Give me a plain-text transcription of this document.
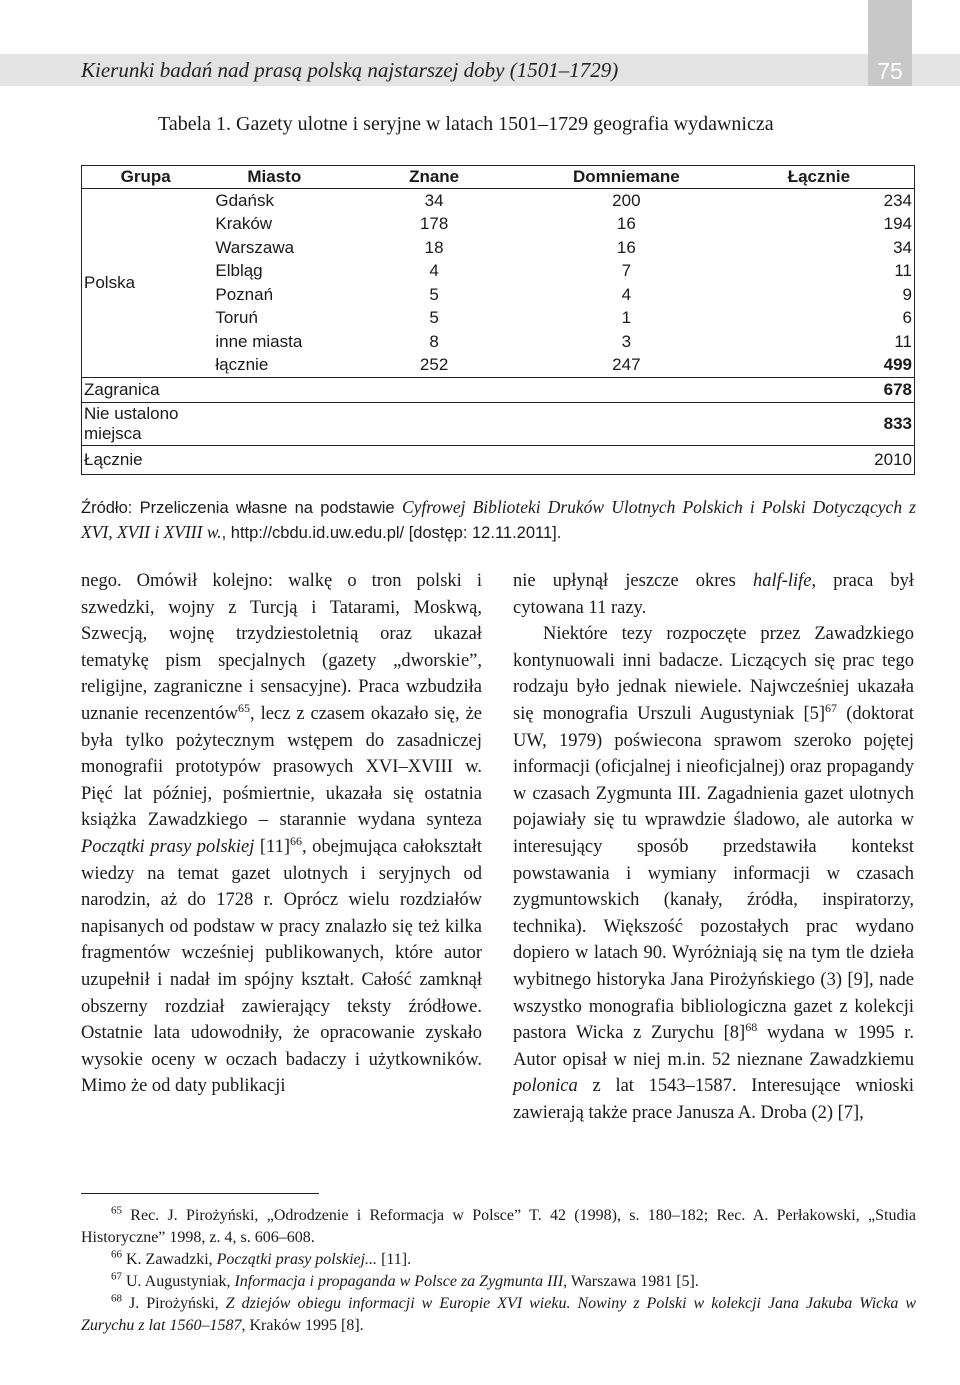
Kierunki badań nad prasą polską najstarszej doby (1501–1729)	75
Tabela 1. Gazety ulotne i seryjne w latach 1501–1729 geografia wydawnicza
Grupa	Miasto	Znane	Domniemane	Łącznie
Polska	Gdańsk	34	200	234
	Kraków	178	16	194
	Warszawa	18	16	34
	Elbląg	4	7	11
	Poznań	5	4	9
	Toruń	5	1	6
	inne miasta	8	3	11
	łącznie	252	247	499
Zagranica				678
Nie ustalono
miejsca				833
Łącznie				2010
Źródło: Przeliczenia własne na podstawie Cyfrowej Biblioteki Druków Ulotnych Polskich i Polski Dotyczących z XVI, XVII i XVIII w., http://cbdu.id.uw.edu.pl/ [dostęp: 12.11.2011].

nego. Omówił kolejno: walkę o tron polski i szwedzki, wojny z Turcją i Tatarami, Moskwą, Szwecją, wojnę trzydziestoletnią oraz ukazał tematykę pism specjalnych (gazety „dworskie”, religijne, zagraniczne i sensacyjne). Praca wzbudziła uznanie recenzentów$^{65}$, lecz z czasem okazało się, że była tylko pożytecznym wstępem do zasadniczej monografii prototypów prasowych XVI–XVIII w. Pięć lat później, pośmiertnie, ukazała się ostatnia książka Zawadzkiego – starannie wydana synteza Początki prasy polskiej $[11]^{66}$, obejmująca całokształt wiedzy na temat gazet ulotnych i seryjnych od narodzin, aż do 1728 r. Oprócz wielu rozdziałów napisanych od podstaw w pracy znalazło się też kilka fragmentów wcześniej publikowanych, które autor uzupełnił i nadał im spójny kształt. Całość zamknął obszerny rozdział zawierający teksty źródłowe. Ostatnie lata udowodniły, że opracowanie zyskało wysokie oceny w oczach badaczy i użytkowników. Mimo że od daty publikacji

nie upłynął jeszcze okres half-life, praca był cytowana 11 razy.

Niektóre tezy rozpoczęte przez Zawadzkiego kontynuowali inni badacze. Liczących się prac tego rodzaju było jednak niewiele. Najwcześniej ukazała się monografia Urszuli Augustyniak $[5]^{67}$ (doktorat UW, 1979) poświecona sprawom szeroko pojętej informacji (oficjalnej i nieoficjalnej) oraz propagandy w czasach Zygmunta III. Zagadnienia gazet ulotnych pojawiały się tu wprawdzie śladowo, ale autorka w interesujący sposób przedstawiła kontekst powstawania i wymiany informacji w czasach zygmuntowskich (kanały, źródła, inspiratorzy, technika). Większość pozostałych prac wydano dopiero w latach 90. Wyróżniają się na tym tle dzieła wybitnego historyka Jana Pirożyńskiego (3) [9], nade wszystko monografia bibliologiczna gazet z kolekcji pastora Wicka z Zurychu $[8]^{68}$ wydana w 1995 r. Autor opisał w niej m.in. 52 nieznane Zawadzkiemu polonica z lat 1543–1587. Interesujące wnioski zawierają także prace Janusza A. Droba (2) [7],

$^{65}$ Rec. J. Pirożyński, „Odrodzenie i Reformacja w Polsce” T. 42 (1998), s. 180–182; Rec. A. Perłakowski, „Studia Historyczne” 1998, z. 4, s. 606–608.

$^{66}$ K. Zawadzki, Początki prasy polskiej... [11].

$^{67}$ U. Augustyniak, Informacja i propaganda w Polsce za Zygmunta III, Warszawa 1981 [5].

$^{68}$ J. Pirożyński, Z dziejów obiegu informacji w Europie XVI wieku. Nowiny z Polski w kolekcji Jana Jakuba Wicka w Zurychu z lat 1560–1587, Kraków 1995 [8].
